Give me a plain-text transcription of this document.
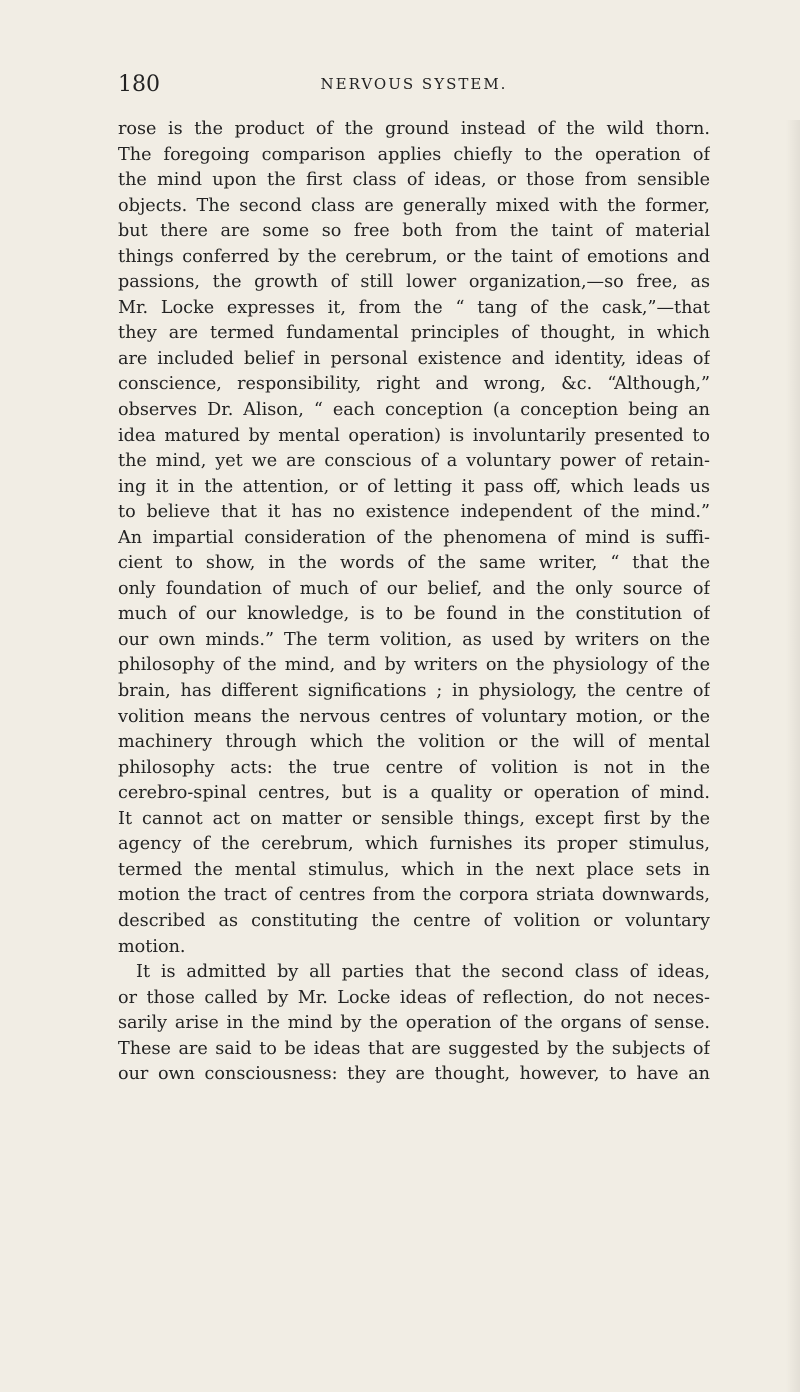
180	NERVOUS SYSTEM.
rose is the product of the ground instead of the wild thorn.
The foregoing comparison applies chiefly to the operation of
the mind upon the first class of ideas, or those from sensible
objects. The second class are generally mixed with the former,
but there are some so free both from the taint of material
things conferred by the cerebrum, or the taint of emotions and
passions, the growth of still lower organization,—so free, as
Mr. Locke expresses it, from the “ tang of the cask,”—that
they are termed fundamental principles of thought, in which
are included belief in personal existence and identity, ideas of
conscience, responsibility, right and wrong, &c. “Although,”
observes Dr. Alison, “ each conception (a conception being an
idea matured by mental operation) is involuntarily presented to
the mind, yet we are conscious of a voluntary power of retain-
ing it in the attention, or of letting it pass off, which leads us
to believe that it has no existence independent of the mind.”
An impartial consideration of the phenomena of mind is suffi-
cient to show, in the words of the same writer, “ that the
only foundation of much of our belief, and the only source of
much of our knowledge, is to be found in the constitution of
our own minds.” The term volition, as used by writers on the
philosophy of the mind, and by writers on the physiology of the
brain, has different significations ; in physiology, the centre of
volition means the nervous centres of voluntary motion, or the
machinery through which the volition or the will of mental
philosophy acts: the true centre of volition is not in the
cerebro-spinal centres, but is a quality or operation of mind.
It cannot act on matter or sensible things, except first by the
agency of the cerebrum, which furnishes its proper stimulus,
termed the mental stimulus, which in the next place sets in
motion the tract of centres from the corpora striata downwards,
described as constituting the centre of volition or voluntary
motion.
It is admitted by all parties that the second class of ideas,
or those called by Mr. Locke ideas of reflection, do not neces-
sarily arise in the mind by the operation of the organs of sense.
These are said to be ideas that are suggested by the subjects of
our own consciousness: they are thought, however, to have an
